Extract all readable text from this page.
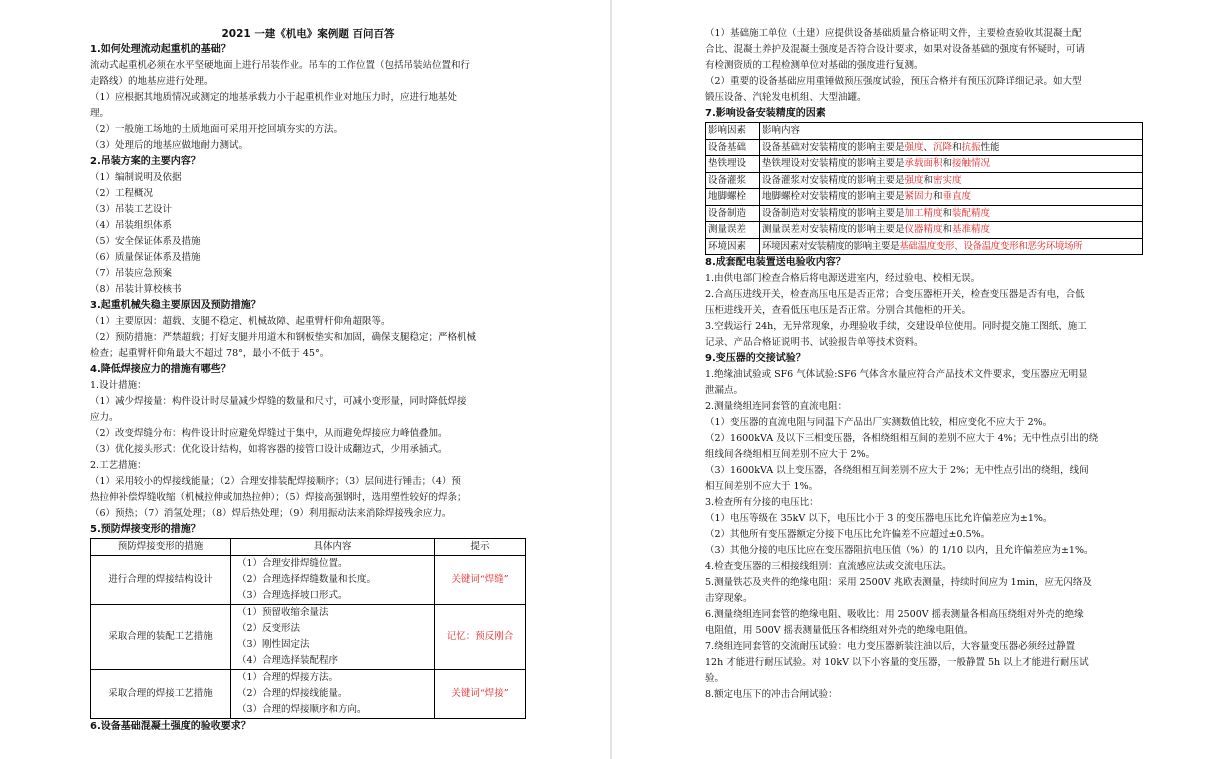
2021 一建《机电》案例题 百问百答
1.如何处理流动起重机的基础？
流动式起重机必须在水平坚硬地面上进行吊装作业。吊车的工作位置（包括吊装站位置和行
走路线）的地基应进行处理。
（1）应根据其地质情况或测定的地基承载力小于起重机作业对地压力时，应进行地基处
理。
（2）一般施工场地的土质地面可采用开挖回填夯实的方法。
（3）处理后的地基应做地耐力测试。
2.吊装方案的主要内容？
（1）编制说明及依据
（2）工程概况
（3）吊装工艺设计
（4）吊装组织体系
（5）安全保证体系及措施
（6）质量保证体系及措施
（7）吊装应急预案
（8）吊装计算校核书
3.起重机械失稳主要原因及预防措施？
（1）主要原因：超载、支腿不稳定、机械故障、起重臂杆仰角超限等。
（2）预防措施：严禁超载；打好支腿并用道木和钢板垫实和加固，确保支腿稳定；严格机械
检查；起重臂杆仰角最大不超过 78°，最小不低于 45°。
4.降低焊接应力的措施有哪些？
1.设计措施：
（1）减少焊接量：构件设计时尽量减少焊缝的数量和尺寸，可减小变形量，同时降低焊接
应力。
（2）改变焊缝分布：构件设计时应避免焊缝过于集中，从而避免焊接应力峰值叠加。
（3）优化接头形式：优化设计结构，如将容器的接管口设计成翻边式，少用承插式。
2.工艺措施：
（1）采用较小的焊接线能量；（2）合理安排装配焊接顺序；（3）层间进行锤击；（4）预
热拉伸补偿焊缝收缩（机械拉伸或加热拉伸）；（5）焊接高强钢时，选用塑性较好的焊条；
（6）预热；（7）消氢处理；（8）焊后热处理；（9）利用振动法来消除焊接残余应力。
5.预防焊接变形的措施？
预防焊接变形的措施	具体内容	提示
进行合理的焊接结构设计	（1）合理安排焊缝位置。
（2）合理选择焊缝数量和长度。
（3）合理选择坡口形式。	关键词“焊缝”
采取合理的装配工艺措施	（1）预留收缩余量法
（2）反变形法
（3）刚性固定法
（4）合理选择装配程序	记忆：预反刚合
采取合理的焊接工艺措施	（1）合理的焊接方法。
（2）合理的焊接线能量。
（3）合理的焊接顺序和方向。	关键词“焊接”
6.设备基础混凝土强度的验收要求？
（1）基础施工单位（土建）应提供设备基础质量合格证明文件，主要检查验收其混凝土配
合比、混凝土养护及混凝土强度是否符合设计要求，如果对设备基础的强度有怀疑时，可请
有检测资质的工程检测单位对基础的强度进行复测。
（2）重要的设备基础应用重锤做预压强度试验，预压合格并有预压沉降详细记录。如大型
锻压设备、汽轮发电机组、大型油罐。
7.影响设备安装精度的因素
影响因素	影响内容
设备基础	设备基础对安装精度的影响主要是强度、沉降和抗振性能
垫铁埋设	垫铁埋设对安装精度的影响主要是承载面积和接触情况
设备灌浆	设备灌浆对安装精度的影响主要是强度和密实度
地脚螺栓	地脚螺栓对安装精度的影响主要是紧固力和垂直度
设备制造	设备制造对安装精度的影响主要是加工精度和装配精度
测量误差	测量误差对安装精度的影响主要是仪器精度和基准精度
环境因素	环境因素对安装精度的影响主要是基础温度变形、设备温度变形和恶劣环境场所
8.成套配电装置送电验收内容？
1.由供电部门检查合格后将电源送进室内，经过验电、校相无误。
2.合高压进线开关，检查高压电压是否正常；合变压器柜开关，检查变压器是否有电，合低
压柜进线开关，查看低压电压是否正常。分别合其他柜的开关。
3.空载运行 24h，无异常现象，办理验收手续，交建设单位使用。同时提交施工图纸、施工
记录、产品合格证说明书、试验报告单等技术资料。
9.变压器的交接试验？
1.绝缘油试验或 SF6 气体试验:SF6 气体含水量应符合产品技术文件要求，变压器应无明显
泄漏点。
2.测量绕组连同套管的直流电阻：
（1）变压器的直流电阻与同温下产品出厂实测数值比较，相应变化不应大于 2%。
（2）1600kVA 及以下三相变压器，各相绕组相互间的差别不应大于 4%；无中性点引出的绕
组线间各绕组相互间差别不应大于 2%。
（3）1600kVA 以上变压器，各绕组相互间差别不应大于 2%；无中性点引出的绕组，线间
相互间差别不应大于 1%。
3.检查所有分接的电压比：
（1）电压等级在 35kV 以下，电压比小于 3 的变压器电压比允许偏差应为±1%。
（2）其他所有变压器额定分接下电压比允许偏差不应超过±0.5%。
（3）其他分接的电压比应在变压器阻抗电压值（%）的 1/10 以内，且允许偏差应为±1%。
4.检查变压器的三相接线组别：直流感应法或交流电压法。
5.测量铁芯及夹件的绝缘电阻：采用 2500V 兆欧表测量，持续时间应为 1min，应无闪络及
击穿现象。
6.测量绕组连同套管的绝缘电阻、吸收比：用 2500V 摇表测量各相高压绕组对外壳的绝缘
电阻值，用 500V 摇表测量低压各相绕组对外壳的绝缘电阻值。
7.绕组连同套管的交流耐压试验：电力变压器新装注油以后，大容量变压器必须经过静置
12h 才能进行耐压试验。对 10kV 以下小容量的变压器，一般静置 5h 以上才能进行耐压试
验。
8.额定电压下的冲击合闸试验：
